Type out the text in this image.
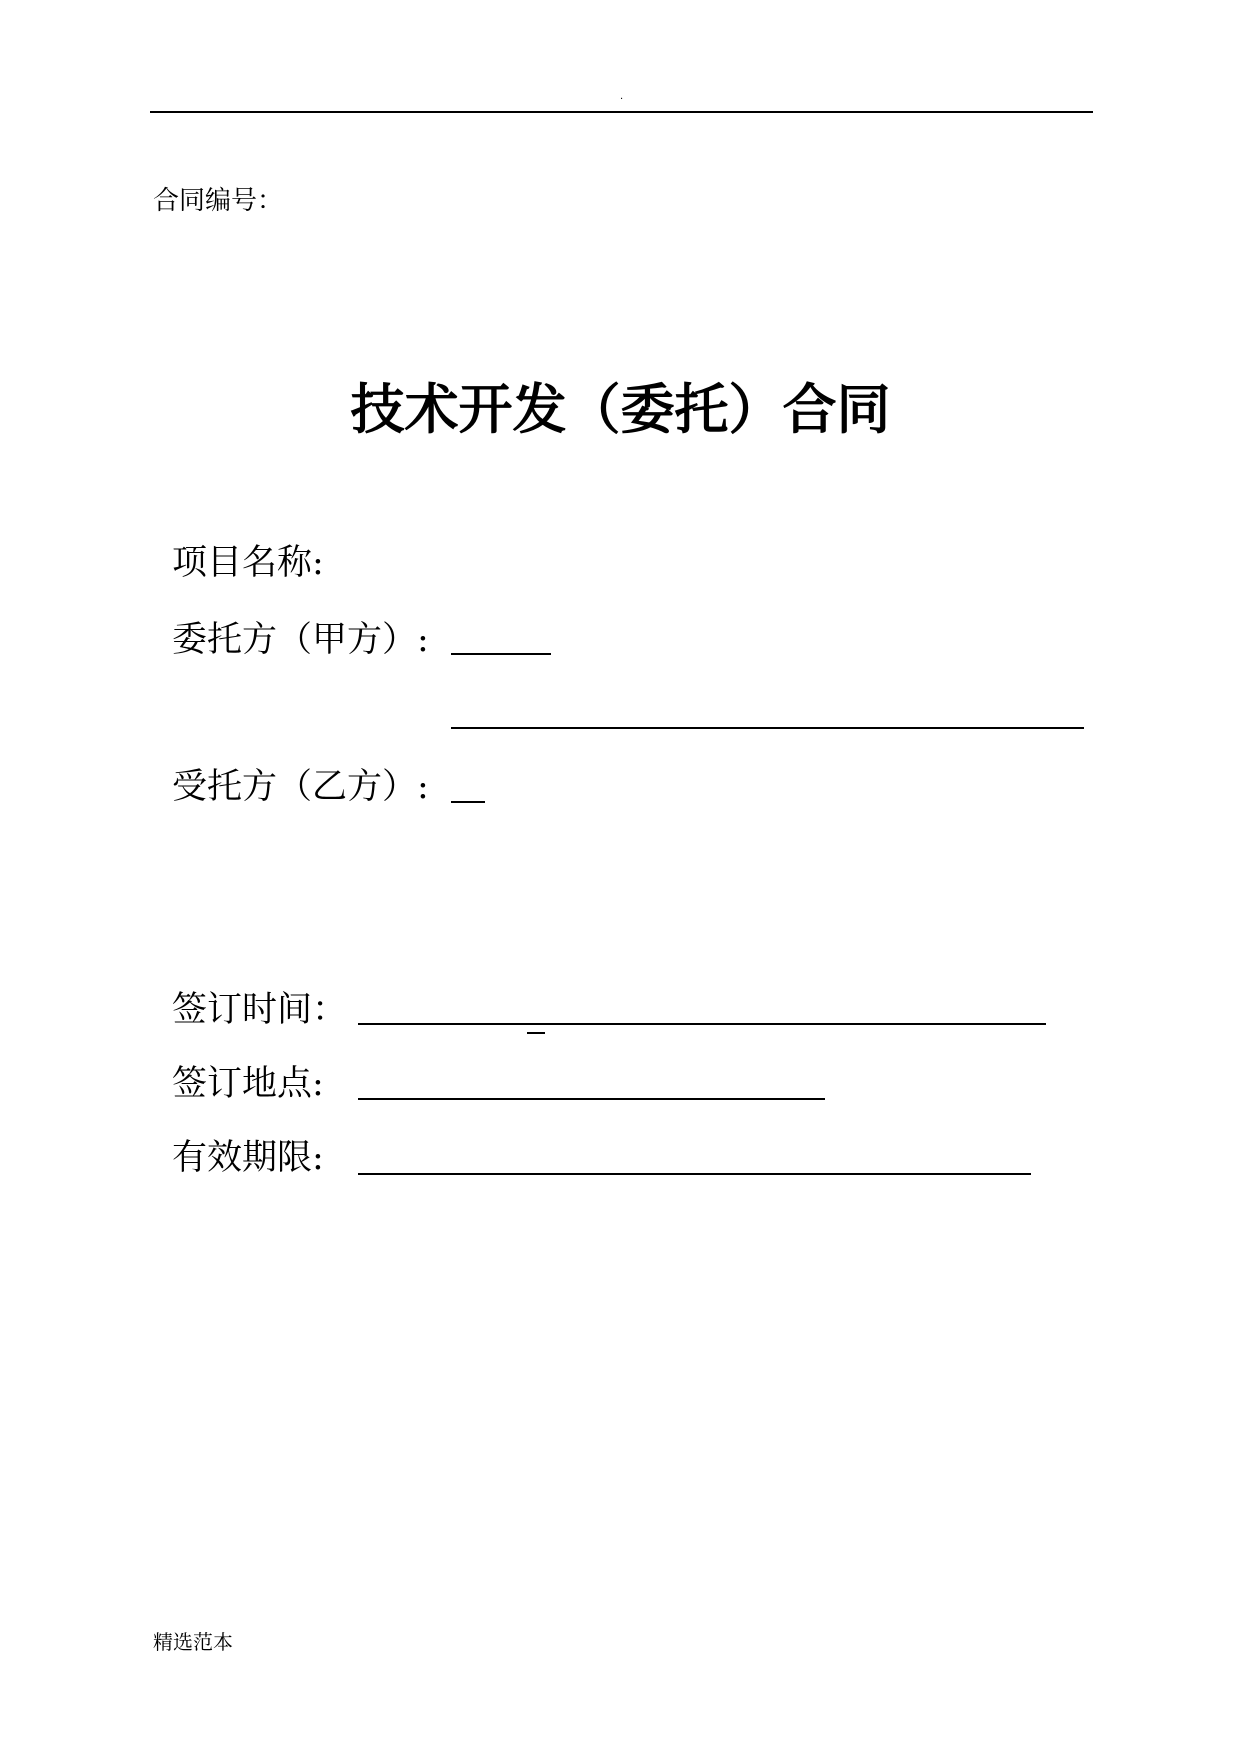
.
合同编号：
技术开发（委托）合同
项目名称:
委托方（甲方）:
受托方（乙方）:
签订时间：
签订地点:
有效期限:
精选范本
